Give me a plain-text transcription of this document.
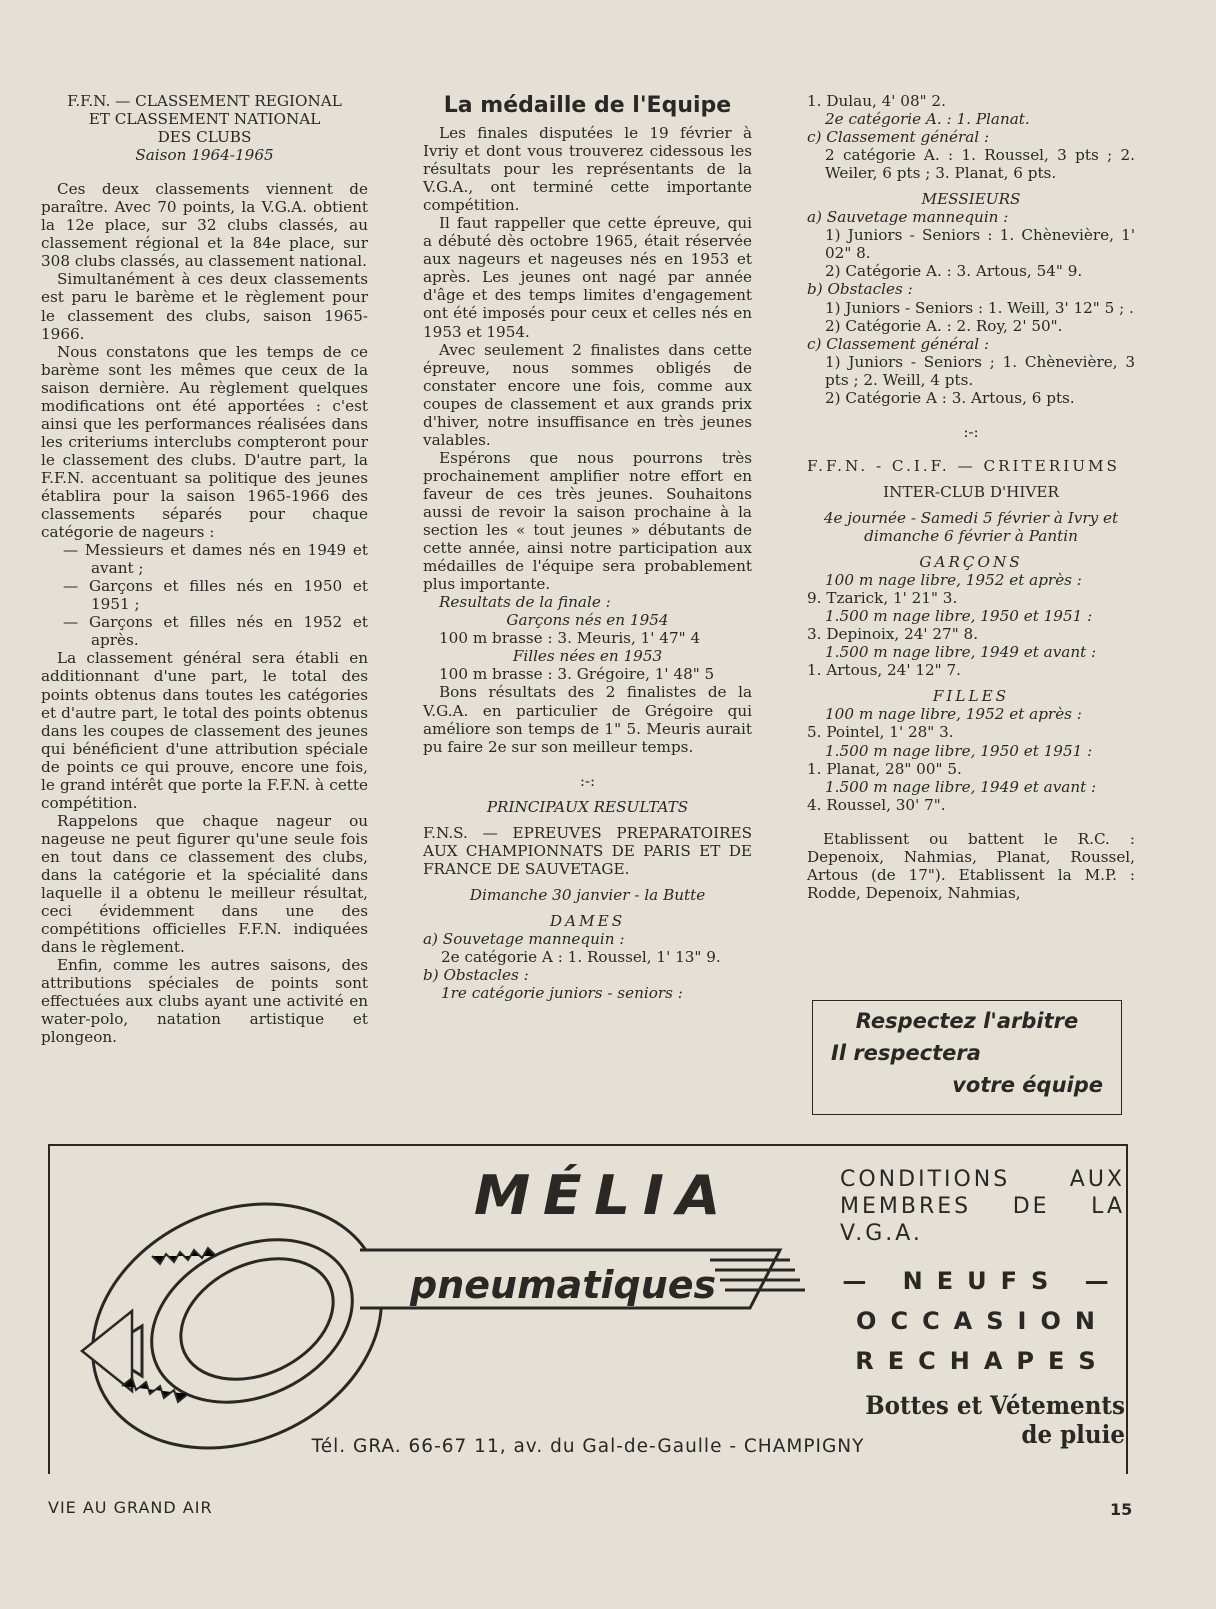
F.F.N. — CLASSEMENT REGIONAL
ET CLASSEMENT NATIONAL
DES CLUBS
Saison 1964-1965

Ces deux classements viennent de paraître. Avec 70 points, la V.G.A. obtient la 12e place, sur 32 clubs classés, au classement régional et la 84e place, sur 308 clubs classés, au classement national.

Simultanément à ces deux classements est paru le barème et le règlement pour le classement des clubs, saison 1965-1966.

Nous constatons que les temps de ce barème sont les mêmes que ceux de la saison dernière. Au règlement quelques modifications ont été apportées : c'est ainsi que les performances réalisées dans les criteriums interclubs compteront pour le classement des clubs. D'autre part, la F.F.N. accentuant sa politique des jeunes établira pour la saison 1965-1966 des classements séparés pour chaque catégorie de nageurs :

— Messieurs et dames nés en 1949 et avant ;

— Garçons et filles nés en 1950 et 1951 ;

— Garçons et filles nés en 1952 et après.

La classement général sera établi en additionnant d'une part, le total des points obtenus dans toutes les catégories et d'autre part, le total des points obtenus dans les coupes de classement des jeunes qui bénéficient d'une attribution spéciale de points ce qui prouve, encore une fois, le grand intérêt que porte la F.F.N. à cette compétition.

Rappelons que chaque nageur ou nageuse ne peut figurer qu'une seule fois en tout dans ce classement des clubs, dans la catégorie et la spécialité dans laquelle il a obtenu le meilleur résultat, ceci évidemment dans une des compétitions officielles F.F.N. indiquées dans le règlement.

Enfin, comme les autres saisons, des attributions spéciales de points sont effectuées aux clubs ayant une activité en water-polo, natation artistique et plongeon.

La médaille de l'Equipe

Les finales disputées le 19 février à Ivriy et dont vous trouverez cidessous les résultats pour les représentants de la V.G.A., ont terminé cette importante compétition.

Il faut rappeller que cette épreuve, qui a débuté dès octobre 1965, était réservée aux nageurs et nageuses nés en 1953 et après. Les jeunes ont nagé par année d'âge et des temps limites d'engagement ont été imposés pour ceux et celles nés en 1953 et 1954.

Avec seulement 2 finalistes dans cette épreuve, nous sommes obligés de constater encore une fois, comme aux coupes de classement et aux grands prix d'hiver, notre insuffisance en très jeunes valables.

Espérons que nous pourrons très prochainement amplifier notre effort en faveur de ces très jeunes. Souhaitons aussi de revoir la saison prochaine à la section les « tout jeunes » débutants de cette année, ainsi notre participation aux médailles de l'équipe sera probablement plus importante.

Resultats de la finale :

Garçons nés en 1954

100 m brasse : 3. Meuris, 1' 47" 4

Filles nées en 1953

100 m brasse : 3. Grégoire, 1' 48" 5

Bons résultats des 2 finalistes de la V.G.A. en particulier de Grégoire qui améliore son temps de 1" 5. Meuris aurait pu faire 2e sur son meilleur temps.

:-:

PRINCIPAUX RESULTATS

F.N.S. — EPREUVES PREPARATOIRES AUX CHAMPIONNATS DE PARIS ET DE FRANCE DE SAUVETAGE.

Dimanche 30 janvier - la Butte

DAMES

a) Souvetage mannequin :

2e catégorie A : 1. Roussel, 1' 13" 9.

b) Obstacles :

1re catégorie juniors - seniors :

1. Dulau, 4' 08" 2.

2e catégorie A. : 1. Planat.

c) Classement général :

2 catégorie A. : 1. Roussel, 3 pts ; 2. Weiler, 6 pts ; 3. Planat, 6 pts.

MESSIEURS

a) Sauvetage mannequin :

1) Juniors - Seniors : 1. Chènevière, 1' 02" 8.

2) Catégorie A. : 3. Artous, 54" 9.

b) Obstacles :

1) Juniors - Seniors : 1. Weill, 3' 12" 5 ; .

2) Catégorie A. : 2. Roy, 2' 50".

c) Classement général :

1) Juniors - Seniors ; 1. Chènevière, 3 pts ; 2. Weill, 4 pts.

2) Catégorie A : 3. Artous, 6 pts.

:-:

F.F.N. - C.I.F. — CRITERIUMS

INTER-CLUB D'HIVER

4e journée - Samedi 5 février à Ivry et dimanche 6 février à Pantin

GARÇONS

100 m nage libre, 1952 et après :

9. Tzarick, 1' 21" 3.

1.500 m nage libre, 1950 et 1951 :

3. Depinoix, 24' 27" 8.

1.500 m nage libre, 1949 et avant :

1. Artous, 24' 12" 7.

FILLES

100 m nage libre, 1952 et après :

5. Pointel, 1' 28" 3.

1.500 m nage libre, 1950 et 1951 :

1. Planat, 28" 00" 5.

1.500 m nage libre, 1949 et avant :

4. Roussel, 30' 7".

Etablissent ou battent le R.C. : Depenoix, Nahmias, Planat, Roussel, Artous (de 17"). Etablissent la M.P. : Rodde, Depenoix, Nahmias,

Respectez l'arbitre
Il respectera
votre équipe
MÉLIA
pneumatiques
CONDITIONS AUX MEMBRES DE LA V.G.A.
— NEUFS —
OCCASION
RECHAPES
Bottes et Vétements de pluie
Tél. GRA. 66-67 11, av. du Gal-de-Gaulle - CHAMPIGNY
VIE AU GRAND AIR	15
